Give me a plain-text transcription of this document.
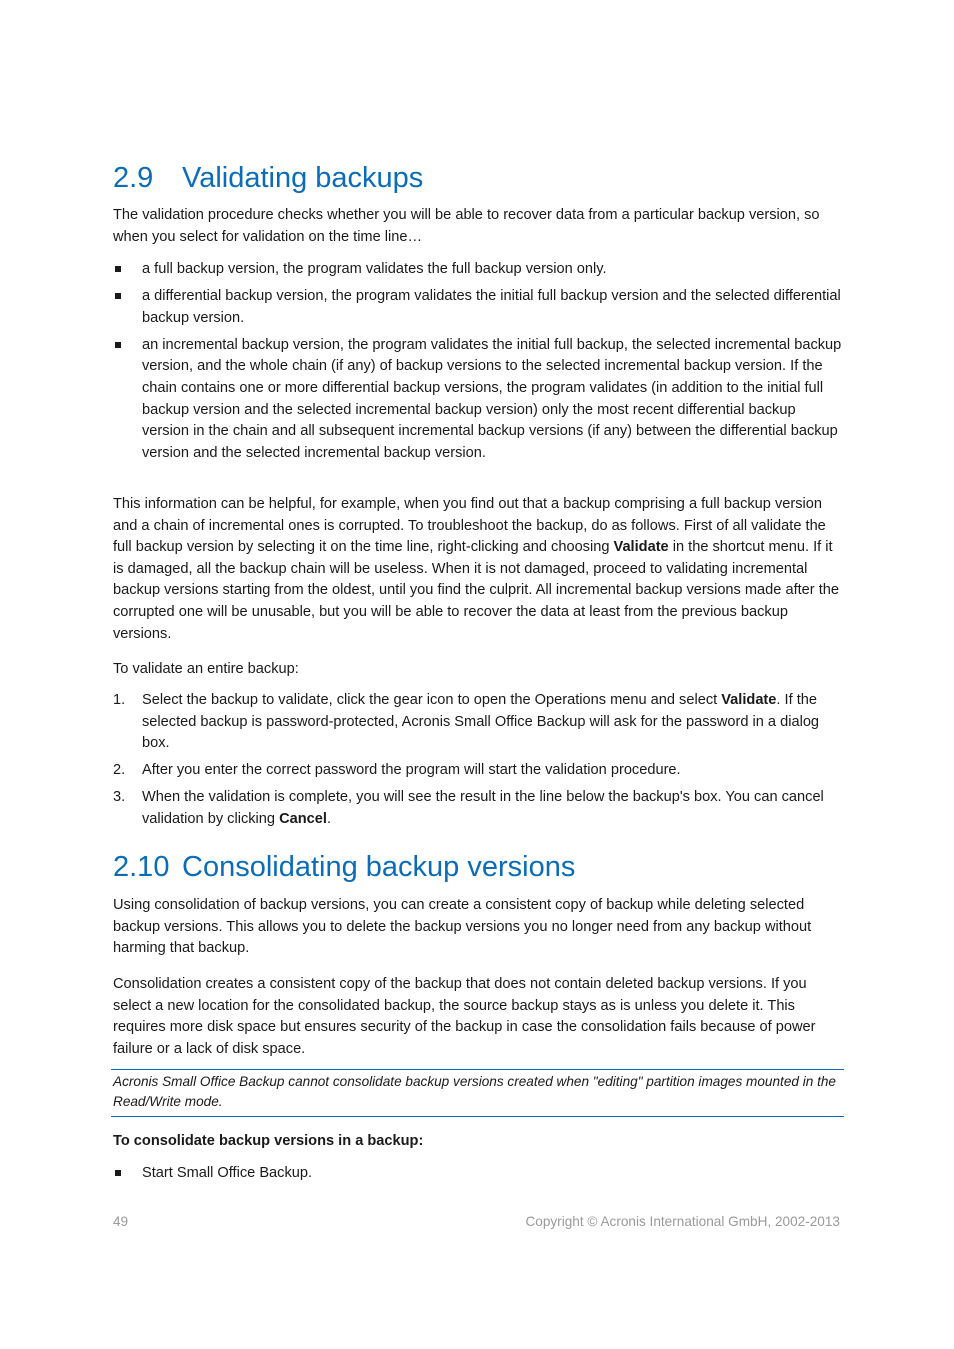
2.9 Validating backups

The validation procedure checks whether you will be able to recover data from a particular backup version, so when you select for validation on the time line…

a full backup version, the program validates the full backup version only.
a differential backup version, the program validates the initial full backup version and the selected differential backup version.
an incremental backup version, the program validates the initial full backup, the selected incremental backup version, and the whole chain (if any) of backup versions to the selected incremental backup version. If the chain contains one or more differential backup versions, the program validates (in addition to the initial full backup version and the selected incremental backup version) only the most recent differential backup version in the chain and all subsequent incremental backup versions (if any) between the differential backup version and the selected incremental backup version.

This information can be helpful, for example, when you find out that a backup comprising a full backup version and a chain of incremental ones is corrupted. To troubleshoot the backup, do as follows. First of all validate the full backup version by selecting it on the time line, right-clicking and choosing Validate in the shortcut menu. If it is damaged, all the backup chain will be useless. When it is not damaged, proceed to validating incremental backup versions starting from the oldest, until you find the culprit. All incremental backup versions made after the corrupted one will be unusable, but you will be able to recover the data at least from the previous backup versions.

To validate an entire backup:

1. Select the backup to validate, click the gear icon to open the Operations menu and select Validate. If the selected backup is password-protected, Acronis Small Office Backup will ask for the password in a dialog box.
2. After you enter the correct password the program will start the validation procedure.
3. When the validation is complete, you will see the result in the line below the backup's box. You can cancel validation by clicking Cancel.
2.10 Consolidating backup versions

Using consolidation of backup versions, you can create a consistent copy of backup while deleting selected backup versions. This allows you to delete the backup versions you no longer need from any backup without harming that backup.

Consolidation creates a consistent copy of the backup that does not contain deleted backup versions. If you select a new location for the consolidated backup, the source backup stays as is unless you delete it. This requires more disk space but ensures security of the backup in case the consolidation fails because of power failure or a lack of disk space.

Acronis Small Office Backup cannot consolidate backup versions created when "editing" partition images mounted in the Read/Write mode.

To consolidate backup versions in a backup:

Start Small Office Backup.
49	Copyright © Acronis International GmbH, 2002-2013
